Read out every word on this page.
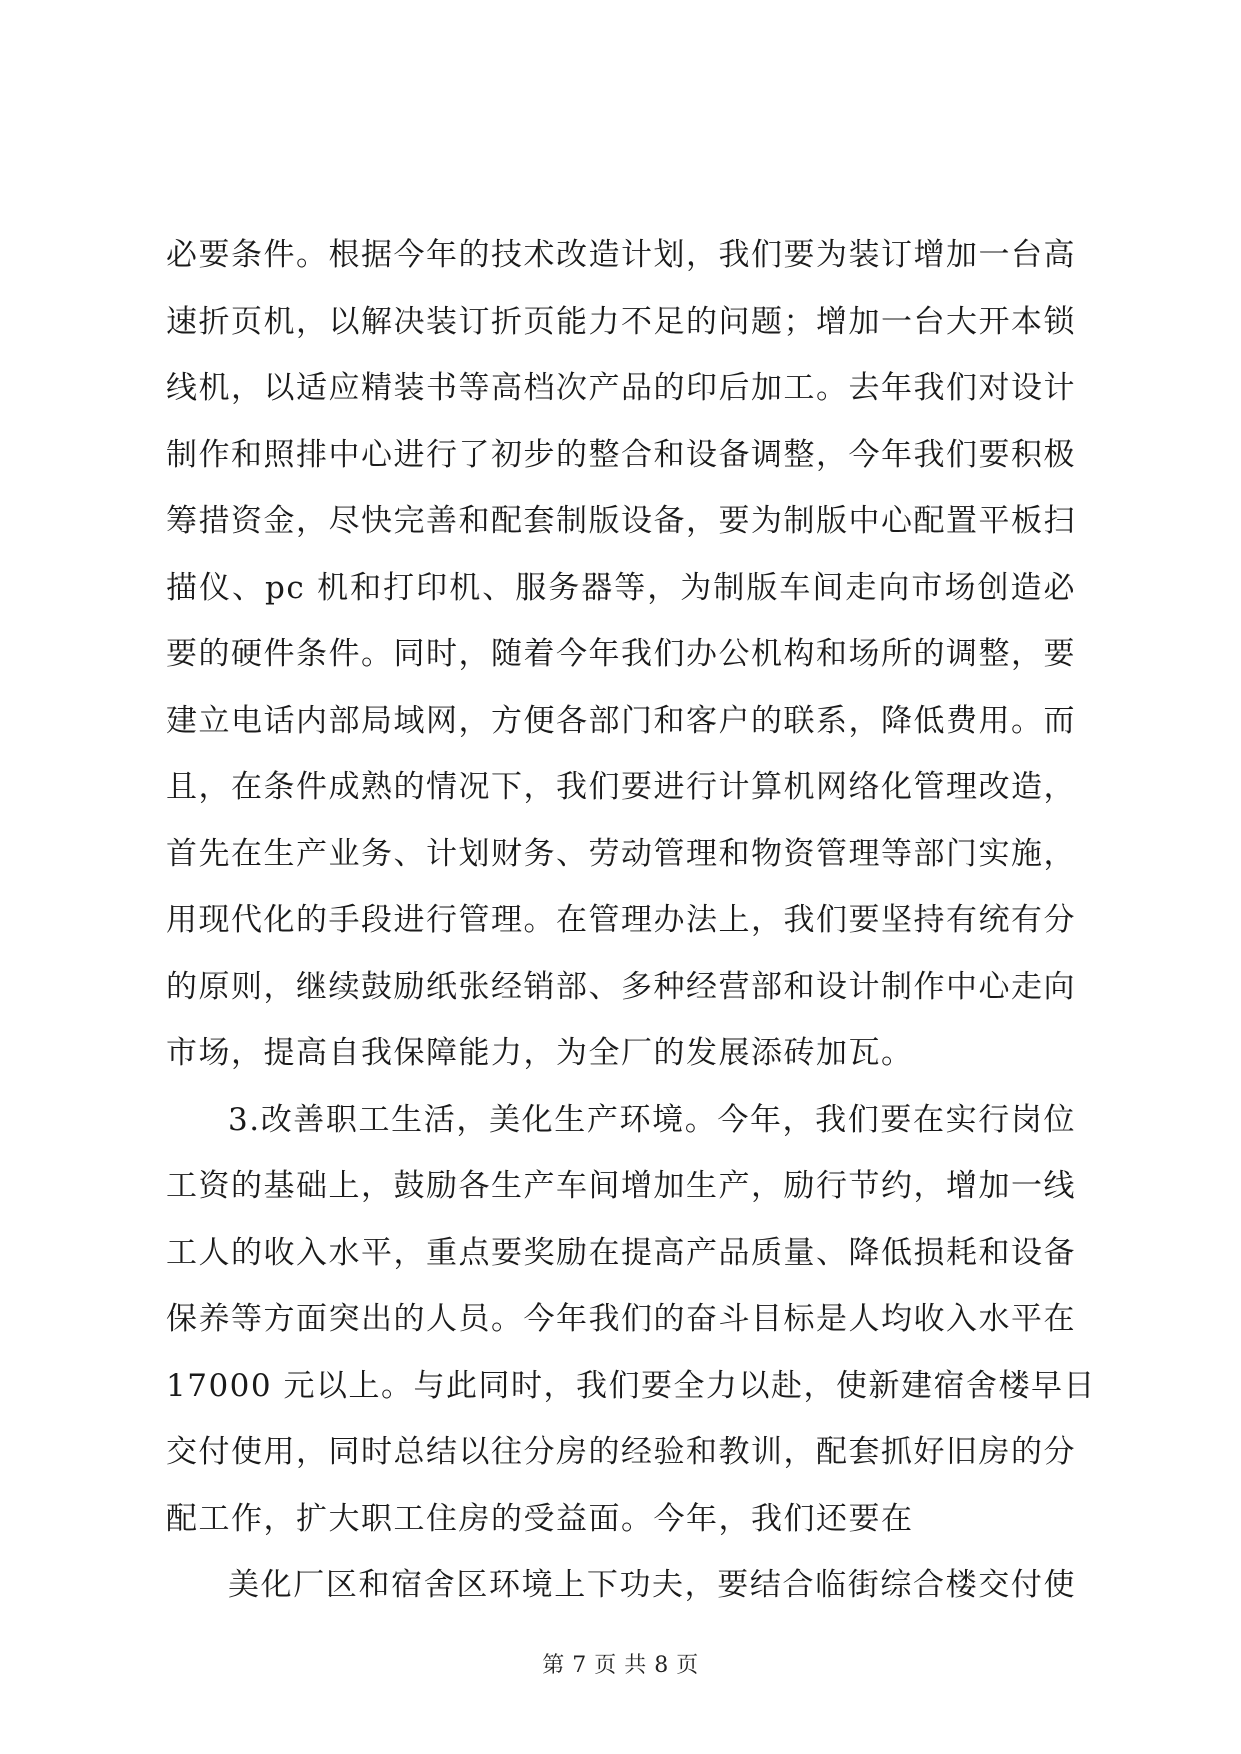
必要条件。根据今年的技术改造计划，我们要为装订增加一台高
速折页机，以解决装订折页能力不足的问题；增加一台大开本锁
线机，以适应精装书等高档次产品的印后加工。去年我们对设计
制作和照排中心进行了初步的整合和设备调整，今年我们要积极
筹措资金，尽快完善和配套制版设备，要为制版中心配置平板扫
描仪、pc 机和打印机、服务器等，为制版车间走向市场创造必
要的硬件条件。同时，随着今年我们办公机构和场所的调整，要
建立电话内部局域网，方便各部门和客户的联系，降低费用。而
且，在条件成熟的情况下，我们要进行计算机网络化管理改造，
首先在生产业务、计划财务、劳动管理和物资管理等部门实施，
用现代化的手段进行管理。在管理办法上，我们要坚持有统有分
的原则，继续鼓励纸张经销部、多种经营部和设计制作中心走向
市场，提高自我保障能力，为全厂的发展添砖加瓦。
3.改善职工生活，美化生产环境。今年，我们要在实行岗位
工资的基础上，鼓励各生产车间增加生产，励行节约，增加一线
工人的收入水平，重点要奖励在提高产品质量、降低损耗和设备
保养等方面突出的人员。今年我们的奋斗目标是人均收入水平在
17000 元以上。与此同时，我们要全力以赴，使新建宿舍楼早日
交付使用，同时总结以往分房的经验和教训，配套抓好旧房的分
配工作，扩大职工住房的受益面。今年，我们还要在
美化厂区和宿舍区环境上下功夫，要结合临街综合楼交付使
第 7 页 共 8 页
